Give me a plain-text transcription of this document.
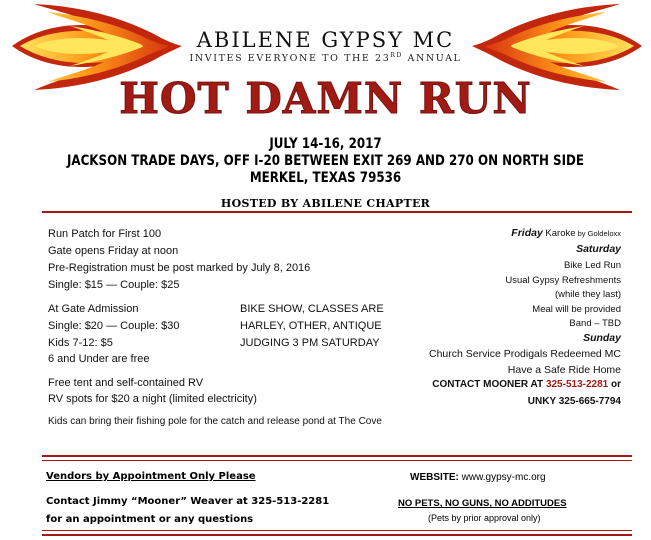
ABILENE GYPSY MC
INVITES EVERYONE TO THE 23RD ANNUAL
HOT DAMN RUN
JULY 14-16, 2017
JACKSON TRADE DAYS, OFF I-20 BETWEEN EXIT 269 AND 270 ON NORTH SIDE
MERKEL, TEXAS 79536
HOSTED BY ABILENE CHAPTER
Run Patch for First 100
Gate opens Friday at noon
Pre-Registration must be post marked by July 8, 2016
Single: $15 — Couple: $25
At Gate Admission
Single: $20 — Couple: $30
Kids 7-12: $5
6 and Under are free
Free tent and self-contained RV
RV spots for $20 a night (limited electricity)
Kids can bring their fishing pole for the catch and release pond at The Cove
BIKE SHOW, CLASSES ARE
HARLEY, OTHER, ANTIQUE
JUDGING 3 PM SATURDAY
Friday Karoke by Goldeloxx
Saturday
Bike Led Run
Usual Gypsy Refreshments
(while they last)
Meal will be provided
Band – TBD
Sunday
Church Service Prodigals Redeemed MC
Have a Safe Ride Home
CONTACT MOONER AT 325-513-2281 or
UNKY 325-665-7794
Vendors by Appointment Only Please
Contact Jimmy “Mooner” Weaver at 325-513-2281
for an appointment or any questions
WEBSITE: www.gypsy-mc.org
NO PETS, NO GUNS, NO ADDITUDES
(Pets by prior approval only)
